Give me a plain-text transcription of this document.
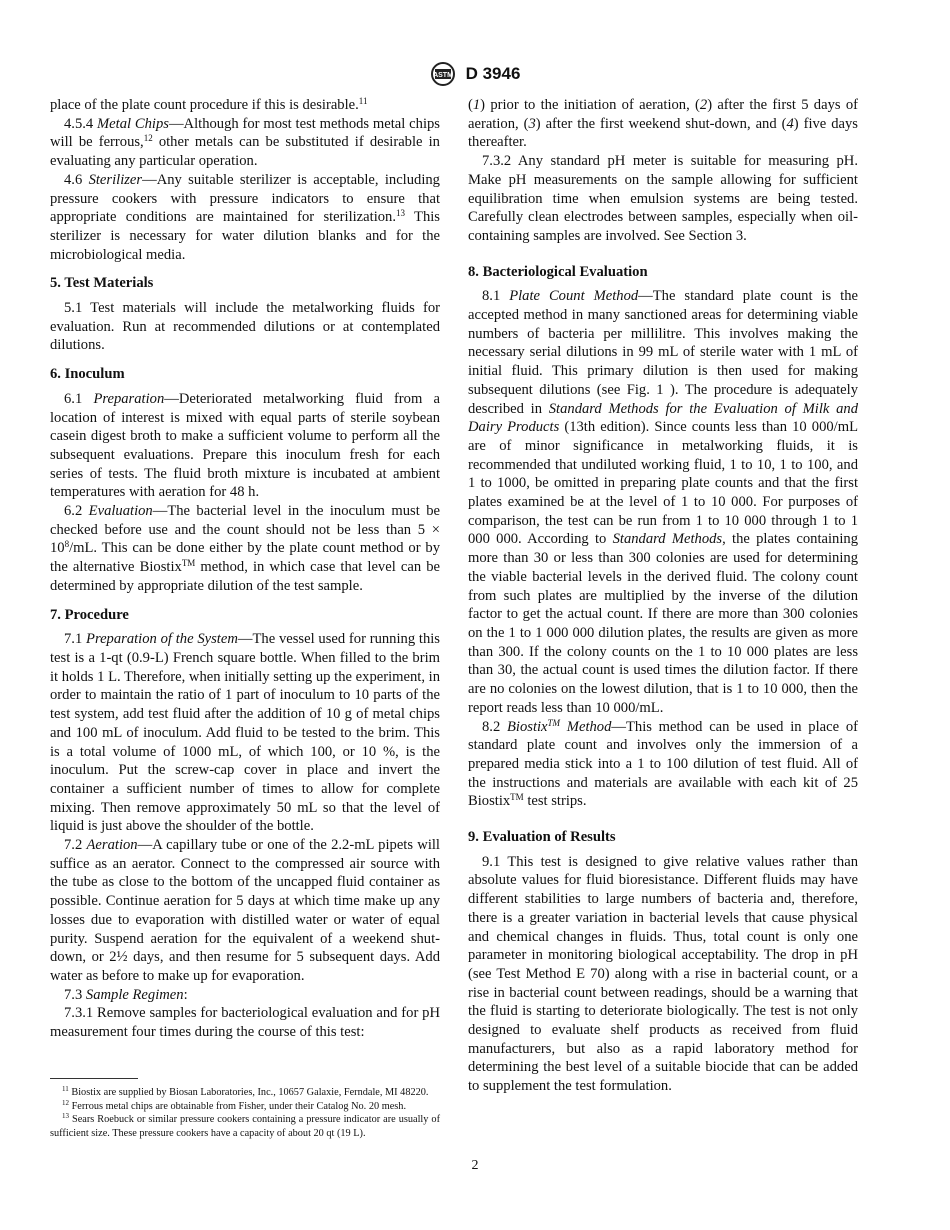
ASTM D 3946

place of the plate count procedure if this is desirable.$^{11}$

4.5.4 Metal Chips—Although for most test methods metal chips will be ferrous,$^{12}$ other metals can be substituted if desirable in evaluating any particular operation.

4.6 Sterilizer—Any suitable sterilizer is acceptable, including pressure cookers with pressure indicators to ensure that appropriate conditions are maintained for sterilization.$^{13}$ This sterilizer is necessary for water dilution blanks and for the microbiological media.

5. Test Materials

5.1 Test materials will include the metalworking fluids for evaluation. Run at recommended dilutions or at contemplated dilutions.

6. Inoculum

6.1 Preparation—Deteriorated metalworking fluid from a location of interest is mixed with equal parts of sterile soybean casein digest broth to make a sufficient volume to perform all the subsequent evaluations. Prepare this inoculum fresh for each series of tests. The fluid broth mixture is incubated at ambient temperatures with aeration for 48 h.

6.2 Evaluation—The bacterial level in the inoculum must be checked before use and the count should not be less than $5 \times 10^8/mL$. This can be done either by the plate count method or by the alternative Biostix™ method, in which case that level can be determined by appropriate dilution of the test sample.

7. Procedure

7.1 Preparation of the System—The vessel used for running this test is a 1-qt (0.9-L) French square bottle. When filled to the brim it holds 1 L. Therefore, when initially setting up the experiment, in order to maintain the ratio of 1 part of inoculum to 10 parts of the test system, add test fluid after the addition of 10 g of metal chips and 100 mL of inoculum. Add fluid to be tested to the brim. This is a total volume of 1000 mL, of which 100, or 10 %, is the inoculum. Put the screw-cap cover in place and invert the container a sufficient number of times to allow for complete mixing. Then remove approximately 50 mL so that the level of liquid is just above the shoulder of the bottle.

7.2 Aeration—A capillary tube or one of the 2.2-mL pipets will suffice as an aerator. Connect to the compressed air source with the tube as close to the bottom of the uncapped fluid container as possible. Continue aeration for 5 days at which time make up any losses due to evaporation with distilled water or water of equal purity. Suspend aeration for the equivalent of a weekend shut-down, or 2½ days, and then resume for 5 subsequent days. Add water as before to make up for evaporation.

7.3 Sample Regimen:

7.3.1 Remove samples for bacteriological evaluation and for pH measurement four times during the course of this test:

$^{11}$ Biostix are supplied by Biosan Laboratories, Inc., 10657 Galaxie, Ferndale, MI 48220.

$^{12}$ Ferrous metal chips are obtainable from Fisher, under their Catalog No. 20 mesh.

$^{13}$ Sears Roebuck or similar pressure cookers containing a pressure indicator are usually of sufficient size. These pressure cookers have a capacity of about 20 qt (19 L).

(1) prior to the initiation of aeration, (2) after the first 5 days of aeration, (3) after the first weekend shut-down, and (4) five days thereafter.

7.3.2 Any standard pH meter is suitable for measuring pH. Make pH measurements on the sample allowing for sufficient equilibration time when emulsion systems are being tested. Carefully clean electrodes between samples, especially when oil-containing samples are involved. See Section 3.

8. Bacteriological Evaluation

8.1 Plate Count Method—The standard plate count is the accepted method in many sanctioned areas for determining viable numbers of bacteria per millilitre. This involves making the necessary serial dilutions in 99 mL of sterile water with 1 mL of initial fluid. This primary dilution is then used for making subsequent dilutions (see Fig. 1 ). The procedure is adequately described in Standard Methods for the Evaluation of Milk and Dairy Products (13th edition). Since counts less than 10 000/mL are of minor significance in metalworking fluids, it is recommended that undiluted working fluid, 1 to 10, 1 to 100, and 1 to 1000, be omitted in preparing plate counts and that the first plates examined be at the level of 1 to 10 000. For purposes of comparison, the test can be run from 1 to 10 000 through 1 to 1 000 000. According to Standard Methods, the plates containing more than 30 or less than 300 colonies are used for determining the viable bacterial levels in the derived fluid. The colony count from such plates are multiplied by the inverse of the dilution factor to get the actual count. If there are more than 300 colonies on the 1 to 1 000 000 dilution plates, the results are given as more than 300. If the colony counts on the 1 to 10 000 plates are less than 30, the actual count is used times the dilution factor. If there are no colonies on the lowest dilution, that is 1 to 10 000, then the report reads less than 10 000/mL.

8.2 Biostix™ Method—This method can be used in place of standard plate count and involves only the immersion of a prepared media stick into a 1 to 100 dilution of test fluid. All of the instructions and materials are available with each kit of 25 Biostix™ test strips.

9. Evaluation of Results

9.1 This test is designed to give relative values rather than absolute values for fluid bioresistance. Different fluids may have different stabilities to large numbers of bacteria and, therefore, there is a greater variation in bacterial levels that cause physical and chemical changes in fluids. Thus, total count is only one parameter in monitoring biological acceptability. The drop in pH (see Test Method E 70) along with a rise in bacterial count, or a rise in bacterial count between readings, should be a warning that the fluid is starting to deteriorate biologically. The test is not only designed to evaluate shelf products as received from fluid manufacturers, but also as a rapid laboratory method for determining the best level of a suitable biocide that can be added to supplement the test formulation.

2
